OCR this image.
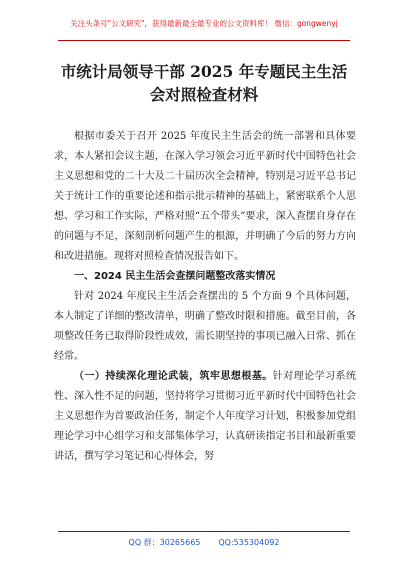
关注头条号"公文研究"，获得最新最全最专业的公文资料库！ 微信：gongwenyj
市统计局领导干部 2025 年专题民主生活
会对照检查材料

根据市委关于召开 2025 年度民主生活会的统一部署和具体要求，本人紧扣会议主题，在深入学习领会习近平新时代中国特色社会主义思想和党的二十大及二十届历次全会精神，特别是习近平总书记关于统计工作的重要论述和指示批示精神的基础上，紧密联系个人思想、学习和工作实际，严格对照“五个带头”要求，深入查摆自身存在的问题与不足，深刻剖析问题产生的根源，并明确了今后的努力方向和改进措施。现将对照检查情况报告如下。

一、2024 民主生活会查摆问题整改落实情况

针对 2024 年度民主生活会查摆出的 5 个方面 9 个具体问题，本人制定了详细的整改清单，明确了整改时限和措施。截至目前，各项整改任务已取得阶段性成效，需长期坚持的事项已融入日常、抓在经常。

（一）持续深化理论武装，筑牢思想根基。针对理论学习系统性、深入性不足的问题，坚持将学习贯彻习近平新时代中国特色社会主义思想作为首要政治任务，制定个人年度学习计划，积极参加党组理论学习中心组学习和支部集体学习，认真研读指定书目和最新重要讲话，撰写学习笔记和心得体会，努

QQ 群：30265665 QQ:535304092
